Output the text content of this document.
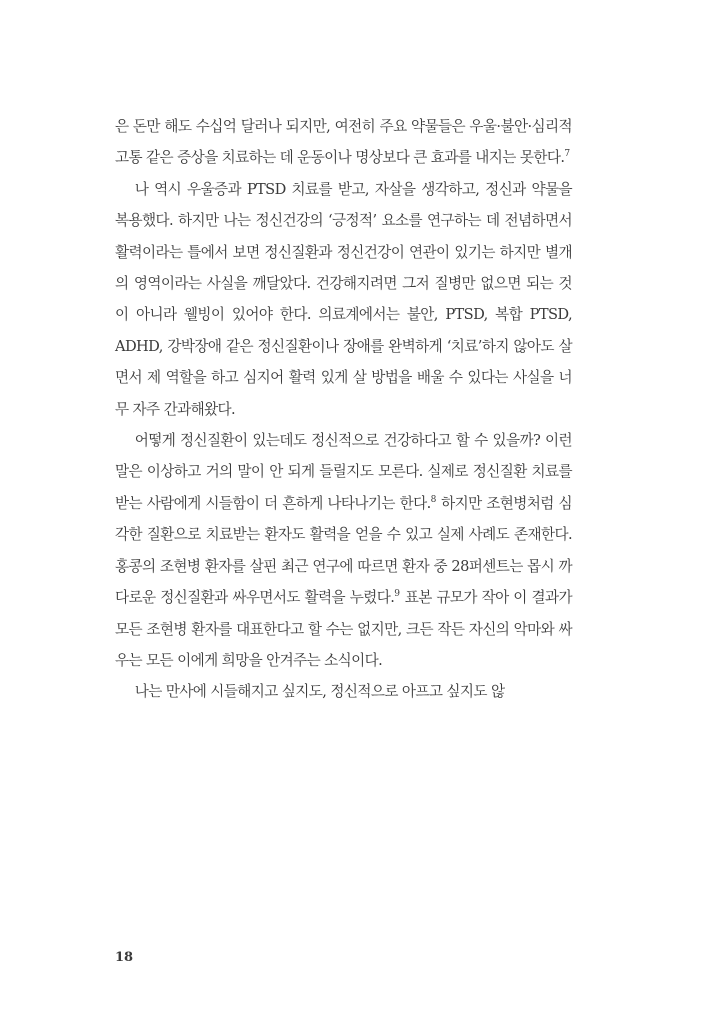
은 돈만 해도 수십억 달러나 되지만, 여전히 주요 약물들은 우울·불안·심리적 고통 같은 증상을 치료하는 데 운동이나 명상보다 큰 효과를 내지는 못한다.$^7$

나 역시 우울증과 PTSD 치료를 받고, 자살을 생각하고, 정신과 약물을 복용했다. 하지만 나는 정신건강의 ‘긍정적’ 요소를 연구하는 데 전념하면서 활력이라는 틀에서 보면 정신질환과 정신건강이 연관이 있기는 하지만 별개의 영역이라는 사실을 깨달았다. 건강해지려면 그저 질병만 없으면 되는 것이 아니라 웰빙이 있어야 한다. 의료계에서는 불안, PTSD, 복합 PTSD, ADHD, 강박장애 같은 정신질환이나 장애를 완벽하게 ‘치료’하지 않아도 살면서 제 역할을 하고 심지어 활력 있게 살 방법을 배울 수 있다는 사실을 너무 자주 간과해왔다.

어떻게 정신질환이 있는데도 정신적으로 건강하다고 할 수 있을까? 이런 말은 이상하고 거의 말이 안 되게 들릴지도 모른다. 실제로 정신질환 치료를 받는 사람에게 시들함이 더 흔하게 나타나기는 한다.$^8$ 하지만 조현병처럼 심각한 질환으로 치료받는 환자도 활력을 얻을 수 있고 실제 사례도 존재한다. 홍콩의 조현병 환자를 살핀 최근 연구에 따르면 환자 중 28퍼센트는 몹시 까다로운 정신질환과 싸우면서도 활력을 누렸다.$^9$ 표본 규모가 작아 이 결과가 모든 조현병 환자를 대표한다고 할 수는 없지만, 크든 작든 자신의 악마와 싸우는 모든 이에게 희망을 안겨주는 소식이다.

나는 만사에 시들해지고 싶지도, 정신적으로 아프고 싶지도 않

18
